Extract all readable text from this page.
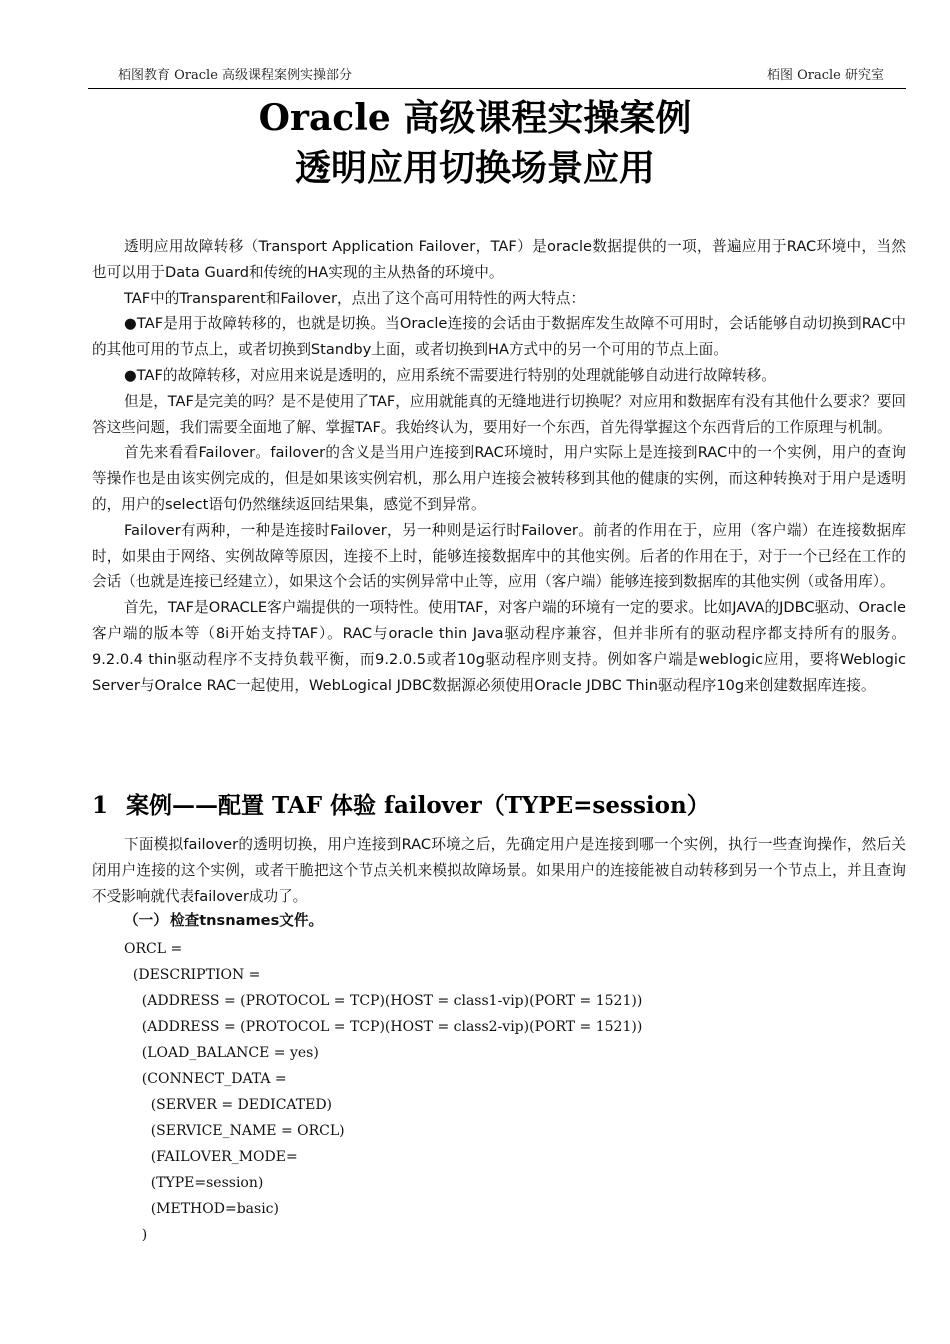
栢图教育 Oracle 高级课程案例实操部分	栢图 Oracle 研究室
Oracle 高级课程实操案例
透明应用切换场景应用

透明应用故障转移（Transport Application Failover，TAF）是oracle数据提供的一项，普遍应用于RAC环境中，当然也可以用于Data Guard和传统的HA实现的主从热备的环境中。

TAF中的Transparent和Failover，点出了这个高可用特性的两大特点：

●TAF是用于故障转移的，也就是切换。当Oracle连接的会话由于数据库发生故障不可用时，会话能够自动切换到RAC中的其他可用的节点上，或者切换到Standby上面，或者切换到HA方式中的另一个可用的节点上面。

●TAF的故障转移，对应用来说是透明的，应用系统不需要进行特别的处理就能够自动进行故障转移。

但是，TAF是完美的吗？是不是使用了TAF，应用就能真的无缝地进行切换呢？对应用和数据库有没有其他什么要求？要回答这些问题，我们需要全面地了解、掌握TAF。我始终认为，要用好一个东西，首先得掌握这个东西背后的工作原理与机制。

首先来看看Failover。failover的含义是当用户连接到RAC环境时，用户实际上是连接到RAC中的一个实例，用户的查询等操作也是由该实例完成的，但是如果该实例宕机，那么用户连接会被转移到其他的健康的实例，而这种转换对于用户是透明的，用户的select语句仍然继续返回结果集，感觉不到异常。

Failover有两种，一种是连接时Failover，另一种则是运行时Failover。前者的作用在于，应用（客户端）在连接数据库时，如果由于网络、实例故障等原因，连接不上时，能够连接数据库中的其他实例。后者的作用在于，对于一个已经在工作的会话（也就是连接已经建立），如果这个会话的实例异常中止等，应用（客户端）能够连接到数据库的其他实例（或备用库）。

首先，TAF是ORACLE客户端提供的一项特性。使用TAF，对客户端的环境有一定的要求。比如JAVA的JDBC驱动、Oracle客户端的版本等（8i开始支持TAF）。RAC与oracle thin Java驱动程序兼容，但并非所有的驱动程序都支持所有的服务。9.2.0.4 thin驱动程序不支持负载平衡，而9.2.0.5或者10g驱动程序则支持。例如客户端是weblogic应用，要将Weblogic Server与Oralce RAC一起使用，WebLogical JDBC数据源必须使用Oracle JDBC Thin驱动程序10g来创建数据库连接。

1 案例——配置 TAF 体验 failover（TYPE=session）

下面模拟failover的透明切换，用户连接到RAC环境之后，先确定用户是连接到哪一个实例，执行一些查询操作，然后关闭用户连接的这个实例，或者干脆把这个节点关机来模拟故障场景。如果用户的连接能被自动转移到另一个节点上，并且查询不受影响就代表failover成功了。

（一） 检查tnsnames文件。
ORCL =
(DESCRIPTION =
(ADDRESS = (PROTOCOL = TCP)(HOST = class1-vip)(PORT = 1521))
(ADDRESS = (PROTOCOL = TCP)(HOST = class2-vip)(PORT = 1521))
(LOAD_BALANCE = yes)
(CONNECT_DATA =
(SERVER = DEDICATED)
(SERVICE_NAME = ORCL)
(FAILOVER_MODE=
(TYPE=session)
(METHOD=basic)
)
